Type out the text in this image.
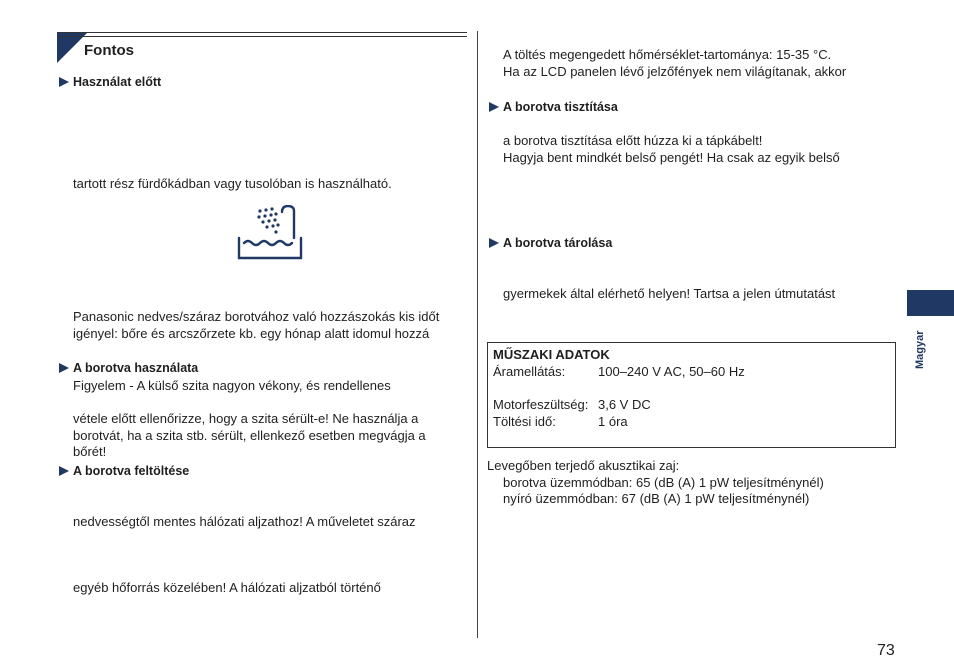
Fontos
Használat előtt
tartott rész fürdőkádban vagy tusolóban is használható.
Panasonic nedves/száraz borotvához való hozzászokás kis időt
igényel: bőre és arcszőrzete kb. egy hónap alatt idomul hozzá
A borotva használata
Figyelem - A külső szita nagyon vékony, és rendellenes
vétele előtt ellenőrizze, hogy a szita sérült-e! Ne használja a
borotvát, ha a szita stb. sérült, ellenkező esetben megvágja a
bőrét!
A borotva feltöltése
nedvességtől mentes hálózati aljzathoz! A műveletet száraz
egyéb hőforrás közelében! A hálózati aljzatból történő
A töltés megengedett hőmérséklet-tartománya: 15-35 °C.
Ha az LCD panelen lévő jelzőfények nem világítanak, akkor
A borotva tisztítása
a borotva tisztítása előtt húzza ki a tápkábelt!
Hagyja bent mindkét belső pengét! Ha csak az egyik belső
A borotva tárolása
gyermekek által elérhető helyen! Tartsa a jelen útmutatást
MŰSZAKI ADATOK
Áramellátás:	100–240 V AC, 50–60 Hz
Motorfeszültség: 3,6 V DC
Töltési idő:	1 óra
Levegőben terjedő akusztikai zaj:
borotva üzemmódban: 65 (dB (A) 1 pW teljesítménynél)
nyíró üzemmódban: 67 (dB (A) 1 pW teljesítménynél)
Magyar
73
